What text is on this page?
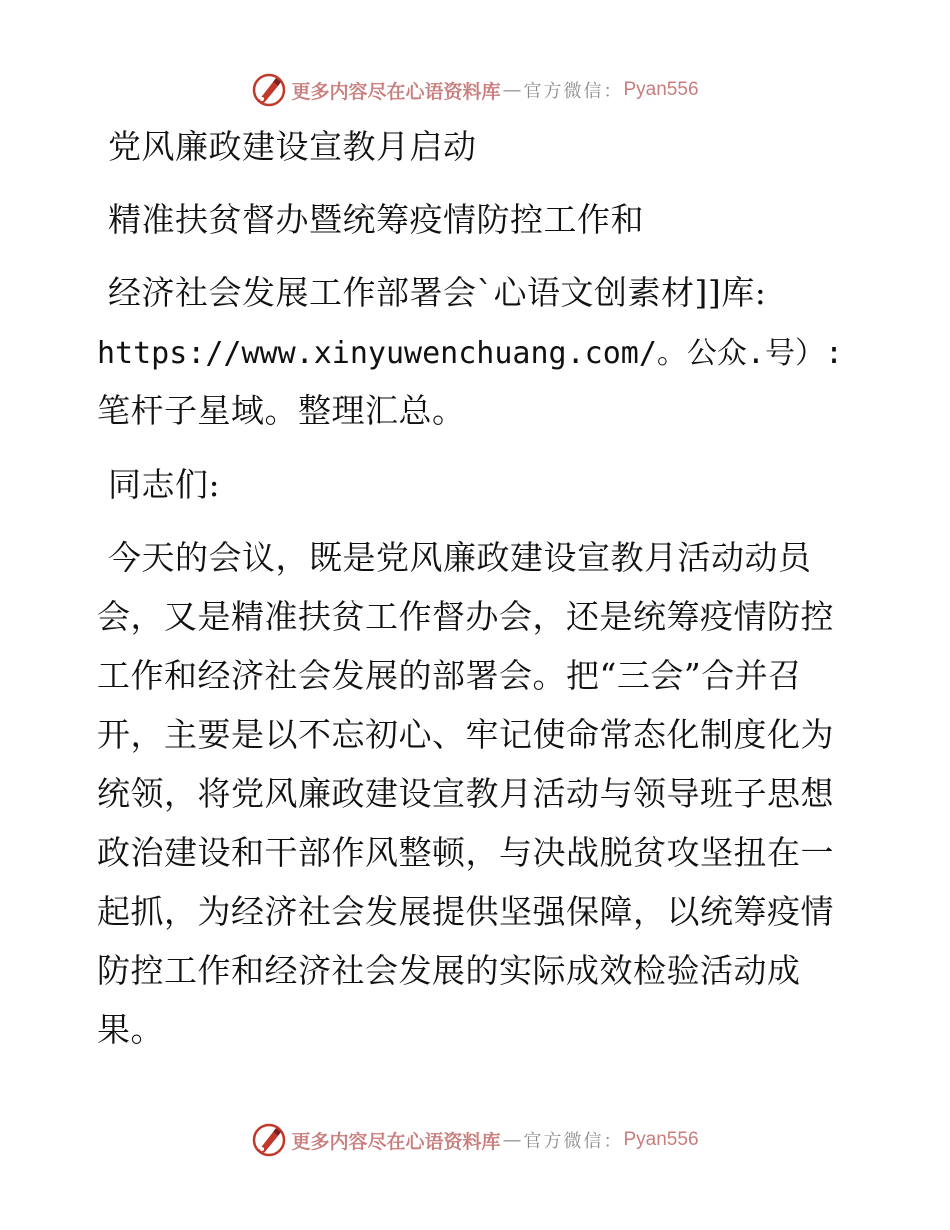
更多内容尽在心语资料库 — 官方微信： Pyan556
党风廉政建设宣教月启动
精准扶贫督办暨统筹疫情防控工作和
经济社会发展工作部署会`心语文创素材]]库:
https://www.xinyuwenchuang.com/。公众.号）:
笔杆子星域。整理汇总。
同志们:
今天的会议，既是党风廉政建设宣教月活动动员
会，又是精准扶贫工作督办会，还是统筹疫情防控
工作和经济社会发展的部署会。把“三会”合并召
开，主要是以不忘初心、牢记使命常态化制度化为
统领，将党风廉政建设宣教月活动与领导班子思想
政治建设和干部作风整顿，与决战脱贫攻坚扭在一
起抓，为经济社会发展提供坚强保障，以统筹疫情
防控工作和经济社会发展的实际成效检验活动成
果。
更多内容尽在心语资料库 — 官方微信： Pyan556
